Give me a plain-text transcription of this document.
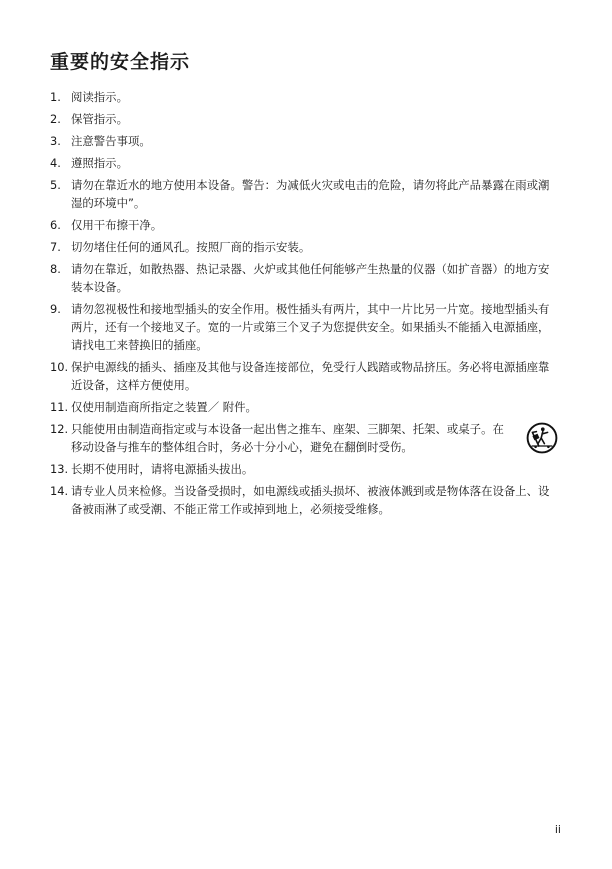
重要的安全指示
1. 阅读指示。
2. 保管指示。
3. 注意警告事项。
4. 遵照指示。
5. 请勿在靠近水的地方使用本设备。警告：为减低火灾或电击的危险，请勿将此产品暴露在雨或潮湿的环境中”。
6. 仅用干布擦干净。
7. 切勿堵住任何的通风孔。按照厂商的指示安装。
8. 请勿在靠近，如散热器、热记录器、火炉或其他任何能够产生热量的仪器（如扩音器）的地方安装本设备。
9. 请勿忽视极性和接地型插头的安全作用。极性插头有两片，其中一片比另一片宽。接地型插头有两片，还有一个接地叉子。宽的一片或第三个叉子为您提供安全。如果插头不能插入电源插座，请找电工来替换旧的插座。
10. 保护电源线的插头、插座及其他与设备连接部位，免受行人践踏或物品挤压。务必将电源插座靠近设备，这样方便使用。
11. 仅使用制造商所指定之装置／ 附件。
12. 只能使用由制造商指定或与本设备一起出售之推车、座架、三脚架、托架、或桌子。在移动设备与推车的整体组合时，务必十分小心，避免在翻倒时受伤。
13. 长期不使用时，请将电源插头拔出。
14. 请专业人员来检修。当设备受损时，如电源线或插头损坏、被液体溅到或是物体落在设备上、设备被雨淋了或受潮、不能正常工作或掉到地上，必须接受维修。
ii
